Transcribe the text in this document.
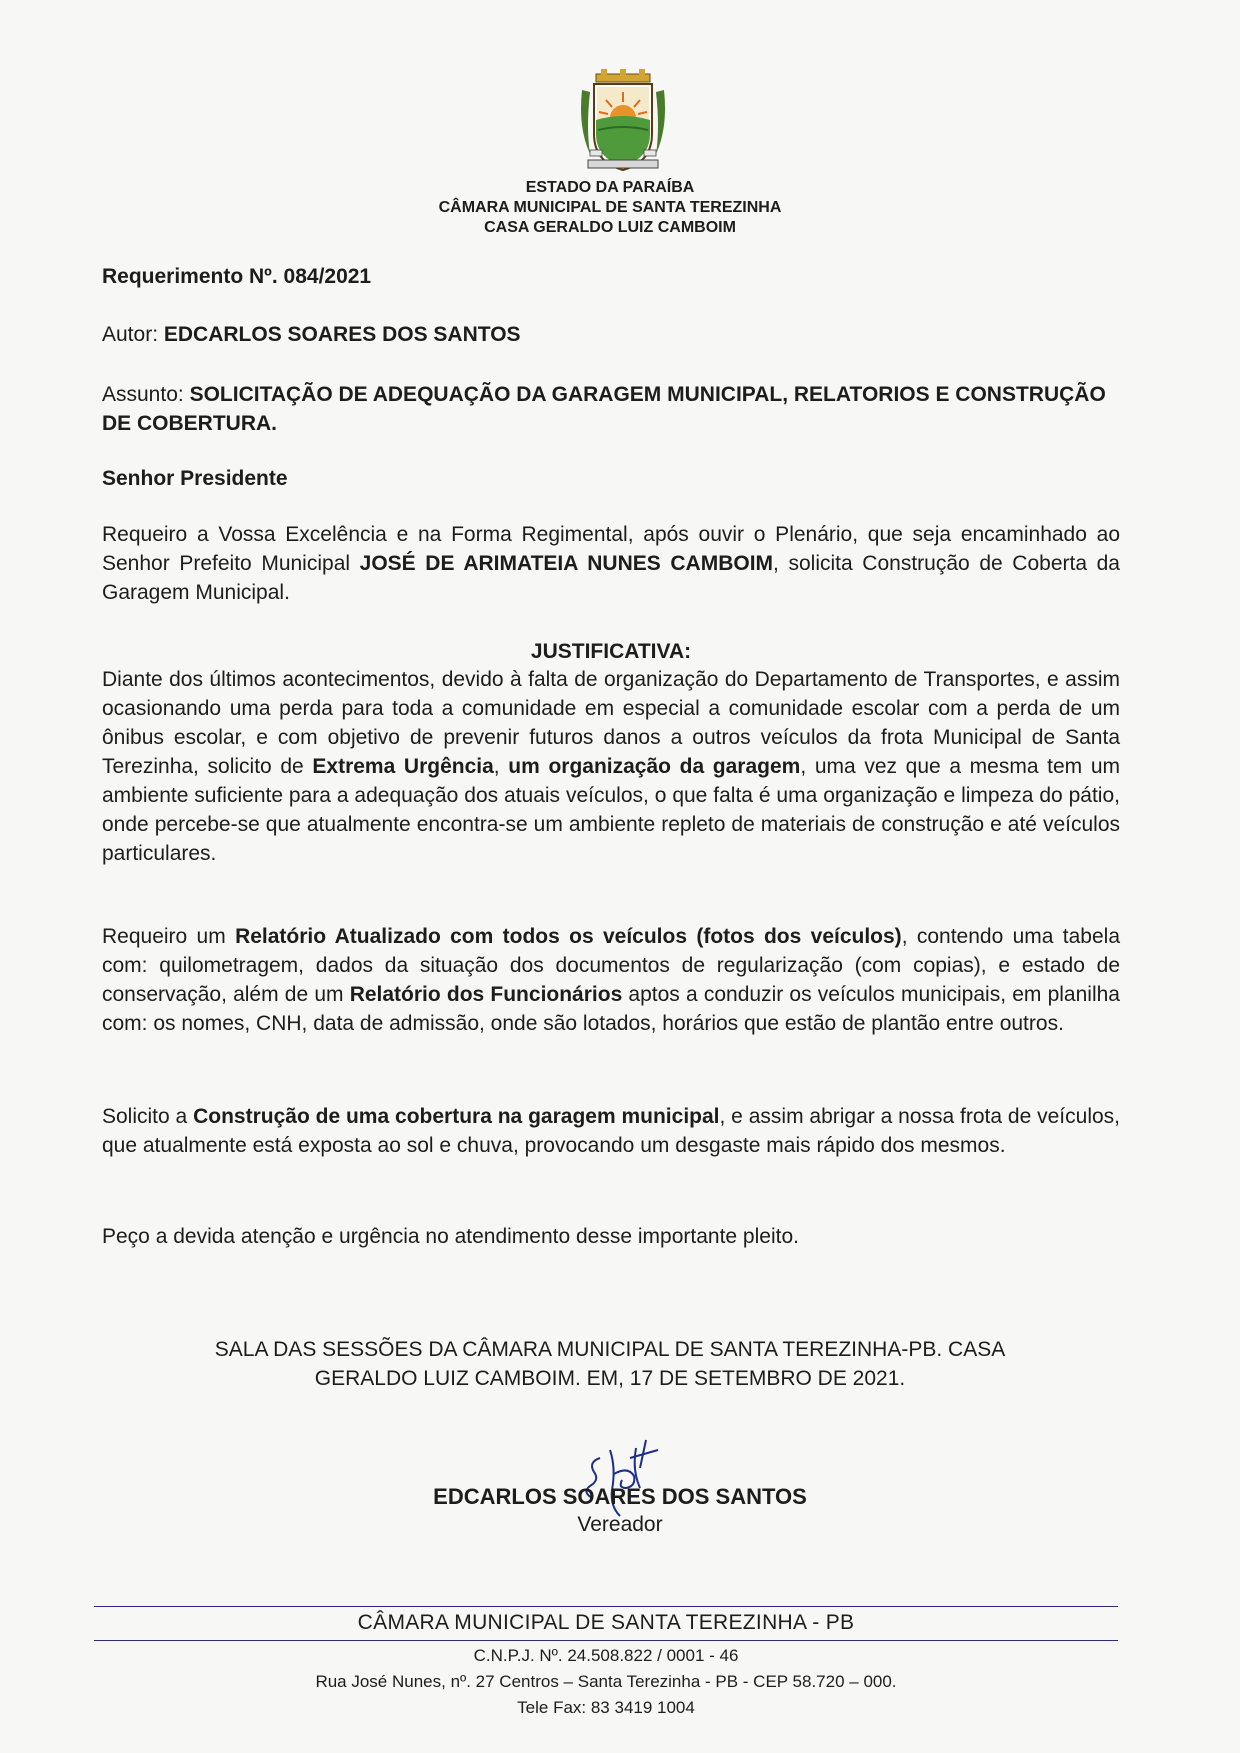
ESTADO DA PARAÍBA
CÂMARA MUNICIPAL DE SANTA TEREZINHA
CASA GERALDO LUIZ CAMBOIM
Requerimento Nº. 084/2021
Autor: EDCARLOS SOARES DOS SANTOS
Assunto: SOLICITAÇÃO DE ADEQUAÇÃO DA GARAGEM MUNICIPAL, RELATORIOS E CONSTRUÇÃO DE COBERTURA.
Senhor Presidente
Requeiro a Vossa Excelência e na Forma Regimental, após ouvir o Plenário, que seja encaminhado ao Senhor Prefeito Municipal JOSÉ DE ARIMATEIA NUNES CAMBOIM, solicita Construção de Coberta da Garagem Municipal.
JUSTIFICATIVA:
Diante dos últimos acontecimentos, devido à falta de organização do Departamento de Transportes, e assim ocasionando uma perda para toda a comunidade em especial a comunidade escolar com a perda de um ônibus escolar, e com objetivo de prevenir futuros danos a outros veículos da frota Municipal de Santa Terezinha, solicito de Extrema Urgência, um organização da garagem, uma vez que a mesma tem um ambiente suficiente para a adequação dos atuais veículos, o que falta é uma organização e limpeza do pátio, onde percebe-se que atualmente encontra-se um ambiente repleto de materiais de construção e até veículos particulares.
Requeiro um Relatório Atualizado com todos os veículos (fotos dos veículos), contendo uma tabela com: quilometragem, dados da situação dos documentos de regularização (com copias), e estado de conservação, além de um Relatório dos Funcionários aptos a conduzir os veículos municipais, em planilha com: os nomes, CNH, data de admissão, onde são lotados, horários que estão de plantão entre outros.
Solicito a Construção de uma cobertura na garagem municipal, e assim abrigar a nossa frota de veículos, que atualmente está exposta ao sol e chuva, provocando um desgaste mais rápido dos mesmos.
Peço a devida atenção e urgência no atendimento desse importante pleito.
SALA DAS SESSÕES DA CÂMARA MUNICIPAL DE SANTA TEREZINHA-PB. CASA
GERALDO LUIZ CAMBOIM. EM, 17 DE SETEMBRO DE 2021.
EDCARLOS SOARES DOS SANTOS
Vereador
CÂMARA MUNICIPAL DE SANTA TEREZINHA - PB
C.N.P.J. Nº. 24.508.822 / 0001 - 46
Rua José Nunes, nº. 27 Centros – Santa Terezinha - PB - CEP 58.720 – 000.
Tele Fax: 83 3419 1004
